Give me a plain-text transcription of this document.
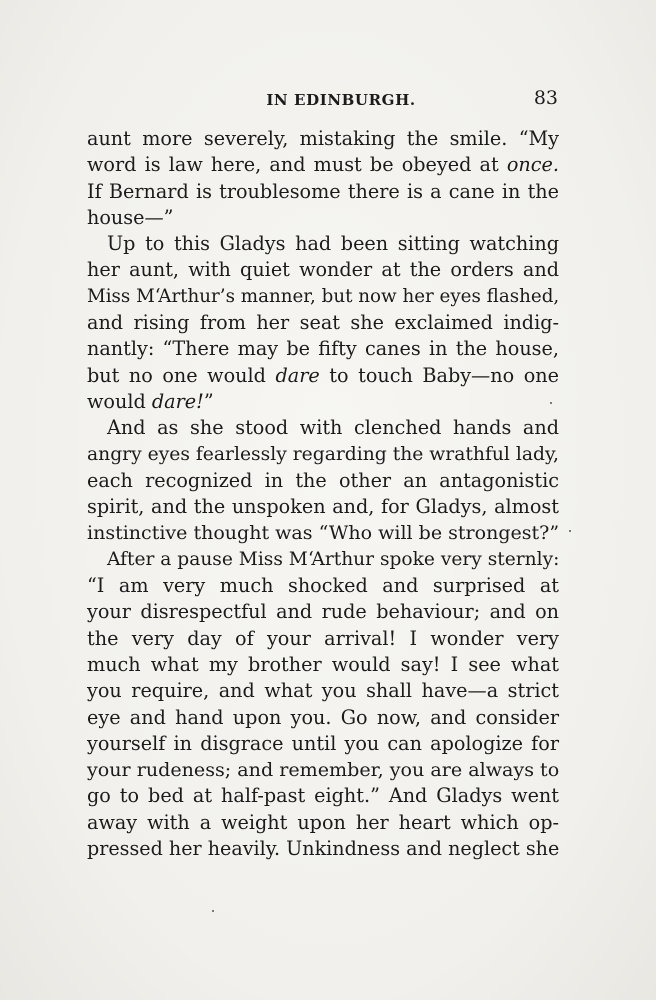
IN EDINBURGH.	83
aunt more severely, mistaking the smile. “My
word is law here, and must be obeyed at once.
If Bernard is troublesome there is a cane in the
house—”
Up to this Gladys had been sitting watching
her aunt, with quiet wonder at the orders and
Miss M‘Arthur’s manner, but now her eyes flashed,
and rising from her seat she exclaimed indig-
nantly: “There may be fifty canes in the house,
but no one would dare to touch Baby—no one
would dare!”
And as she stood with clenched hands and
angry eyes fearlessly regarding the wrathful lady,
each recognized in the other an antagonistic
spirit, and the unspoken and, for Gladys, almost
instinctive thought was “Who will be strongest?”
After a pause Miss M‘Arthur spoke very sternly:
“I am very much shocked and surprised at
your disrespectful and rude behaviour; and on
the very day of your arrival! I wonder very
much what my brother would say! I see what
you require, and what you shall have—a strict
eye and hand upon you. Go now, and consider
yourself in disgrace until you can apologize for
your rudeness; and remember, you are always to
go to bed at half-past eight.” And Gladys went
away with a weight upon her heart which op-
pressed her heavily. Unkindness and neglect she
